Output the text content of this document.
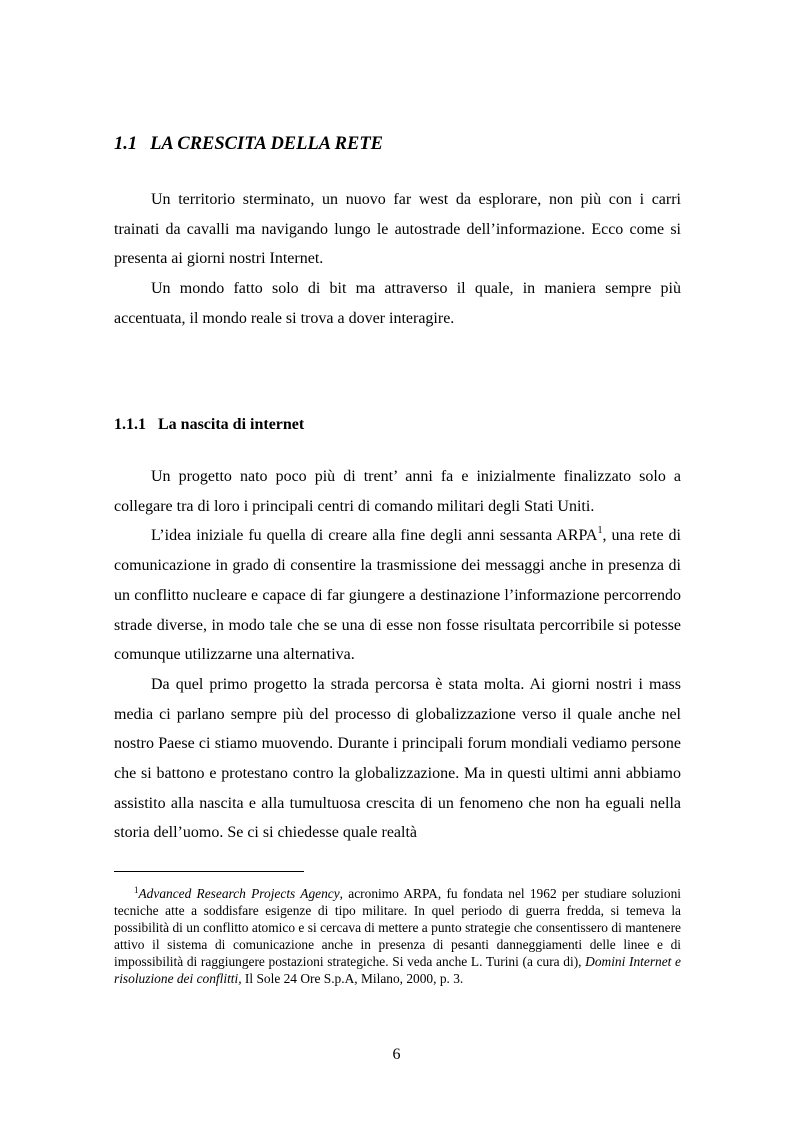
1.1 LA CRESCITA DELLA RETE

Un territorio sterminato, un nuovo far west da esplorare, non più con i carri trainati da cavalli ma navigando lungo le autostrade dell’informazione. Ecco come si presenta ai giorni nostri Internet.

Un mondo fatto solo di bit ma attraverso il quale, in maniera sempre più accentuata, il mondo reale si trova a dover interagire.

1.1.1 La nascita di internet

Un progetto nato poco più di trent’ anni fa e inizialmente finalizzato solo a collegare tra di loro i principali centri di comando militari degli Stati Uniti.

L’idea iniziale fu quella di creare alla fine degli anni sessanta ARPA$^1$, una rete di comunicazione in grado di consentire la trasmissione dei messaggi anche in presenza di un conflitto nucleare e capace di far giungere a destinazione l’informazione percorrendo strade diverse, in modo tale che se una di esse non fosse risultata percorribile si potesse comunque utilizzarne una alternativa.

Da quel primo progetto la strada percorsa è stata molta. Ai giorni nostri i mass media ci parlano sempre più del processo di globalizzazione verso il quale anche nel nostro Paese ci stiamo muovendo. Durante i principali forum mondiali vediamo persone che si battono e protestano contro la globalizzazione. Ma in questi ultimi anni abbiamo assistito alla nascita e alla tumultuosa crescita di un fenomeno che non ha eguali nella storia dell’uomo. Se ci si chiedesse quale realtà

$^1$Advanced Research Projects Agency, acronimo ARPA, fu fondata nel 1962 per studiare soluzioni tecniche atte a soddisfare esigenze di tipo militare. In quel periodo di guerra fredda, si temeva la possibilità di un conflitto atomico e si cercava di mettere a punto strategie che consentissero di mantenere attivo il sistema di comunicazione anche in presenza di pesanti danneggiamenti delle linee e di impossibilità di raggiungere postazioni strategiche. Si veda anche L. Turini (a cura di), Domini Internet e risoluzione dei conflitti, Il Sole 24 Ore S.p.A, Milano, 2000, p. 3.

6
